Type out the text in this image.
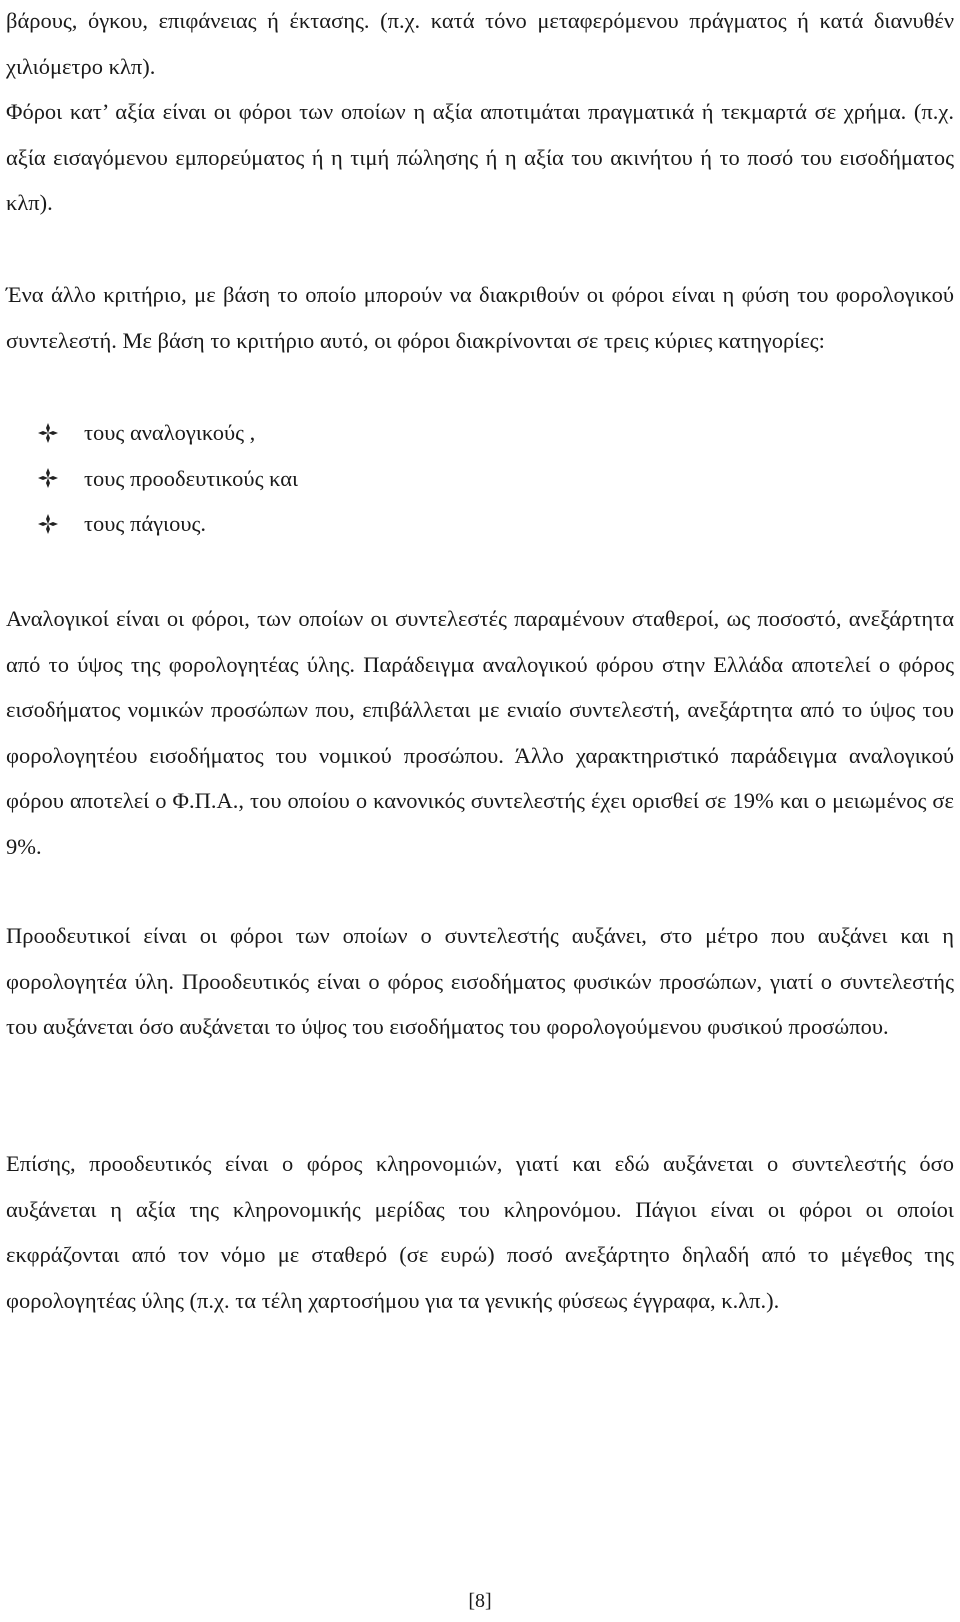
βάρους, όγκου, επιφάνειας ή έκτασης. (π.χ. κατά τόνο μεταφερόμενου πράγματος ή κατά διανυθέν χιλιόμετρο κλπ).

Φόροι κατ’ αξία είναι οι φόροι των οποίων η αξία αποτιμάται πραγματικά ή τεκμαρτά σε χρήμα. (π.χ. αξία εισαγόμενου εμπορεύματος ή η τιμή πώλησης ή η αξία του ακινήτου ή το ποσό του εισοδήματος κλπ).

Ένα άλλο κριτήριο, με βάση το οποίο μπορούν να διακριθούν οι φόροι είναι η φύση του φορολογικού συντελεστή. Με βάση το κριτήριο αυτό, οι φόροι διακρίνονται σε τρεις κύριες κατηγορίες:

τους αναλογικούς ,
τους προοδευτικούς και
τους πάγιους.

Αναλογικοί είναι οι φόροι, των οποίων οι συντελεστές παραμένουν σταθεροί, ως ποσοστό, ανεξάρτητα από το ύψος της φορολογητέας ύλης. Παράδειγμα αναλογικού φόρου στην Ελλάδα αποτελεί ο φόρος εισοδήματος νομικών προσώπων που, επιβάλλεται με ενιαίο συντελεστή, ανεξάρτητα από το ύψος του φορολογητέου εισοδήματος του νομικού προσώπου. Άλλο χαρακτηριστικό παράδειγμα αναλογικού φόρου αποτελεί ο Φ.Π.Α., του οποίου ο κανονικός συντελεστής έχει ορισθεί σε 19% και ο μειωμένος σε 9%.

Προοδευτικοί είναι οι φόροι των οποίων ο συντελεστής αυξάνει, στο μέτρο που αυξάνει και η φορολογητέα ύλη. Προοδευτικός είναι ο φόρος εισοδήματος φυσικών προσώπων, γιατί ο συντελεστής του αυξάνεται όσο αυξάνεται το ύψος του εισοδήματος του φορολογούμενου φυσικού προσώπου.

Επίσης, προοδευτικός είναι ο φόρος κληρονομιών, γιατί και εδώ αυξάνεται ο συντελεστής όσο αυξάνεται η αξία της κληρονομικής μερίδας του κληρονόμου. Πάγιοι είναι οι φόροι οι οποίοι εκφράζονται από τον νόμο με σταθερό (σε ευρώ) ποσό ανεξάρτητο δηλαδή από το μέγεθος της φορολογητέας ύλης (π.χ. τα τέλη χαρτοσήμου για τα γενικής φύσεως έγγραφα, κ.λπ.).

[8]
